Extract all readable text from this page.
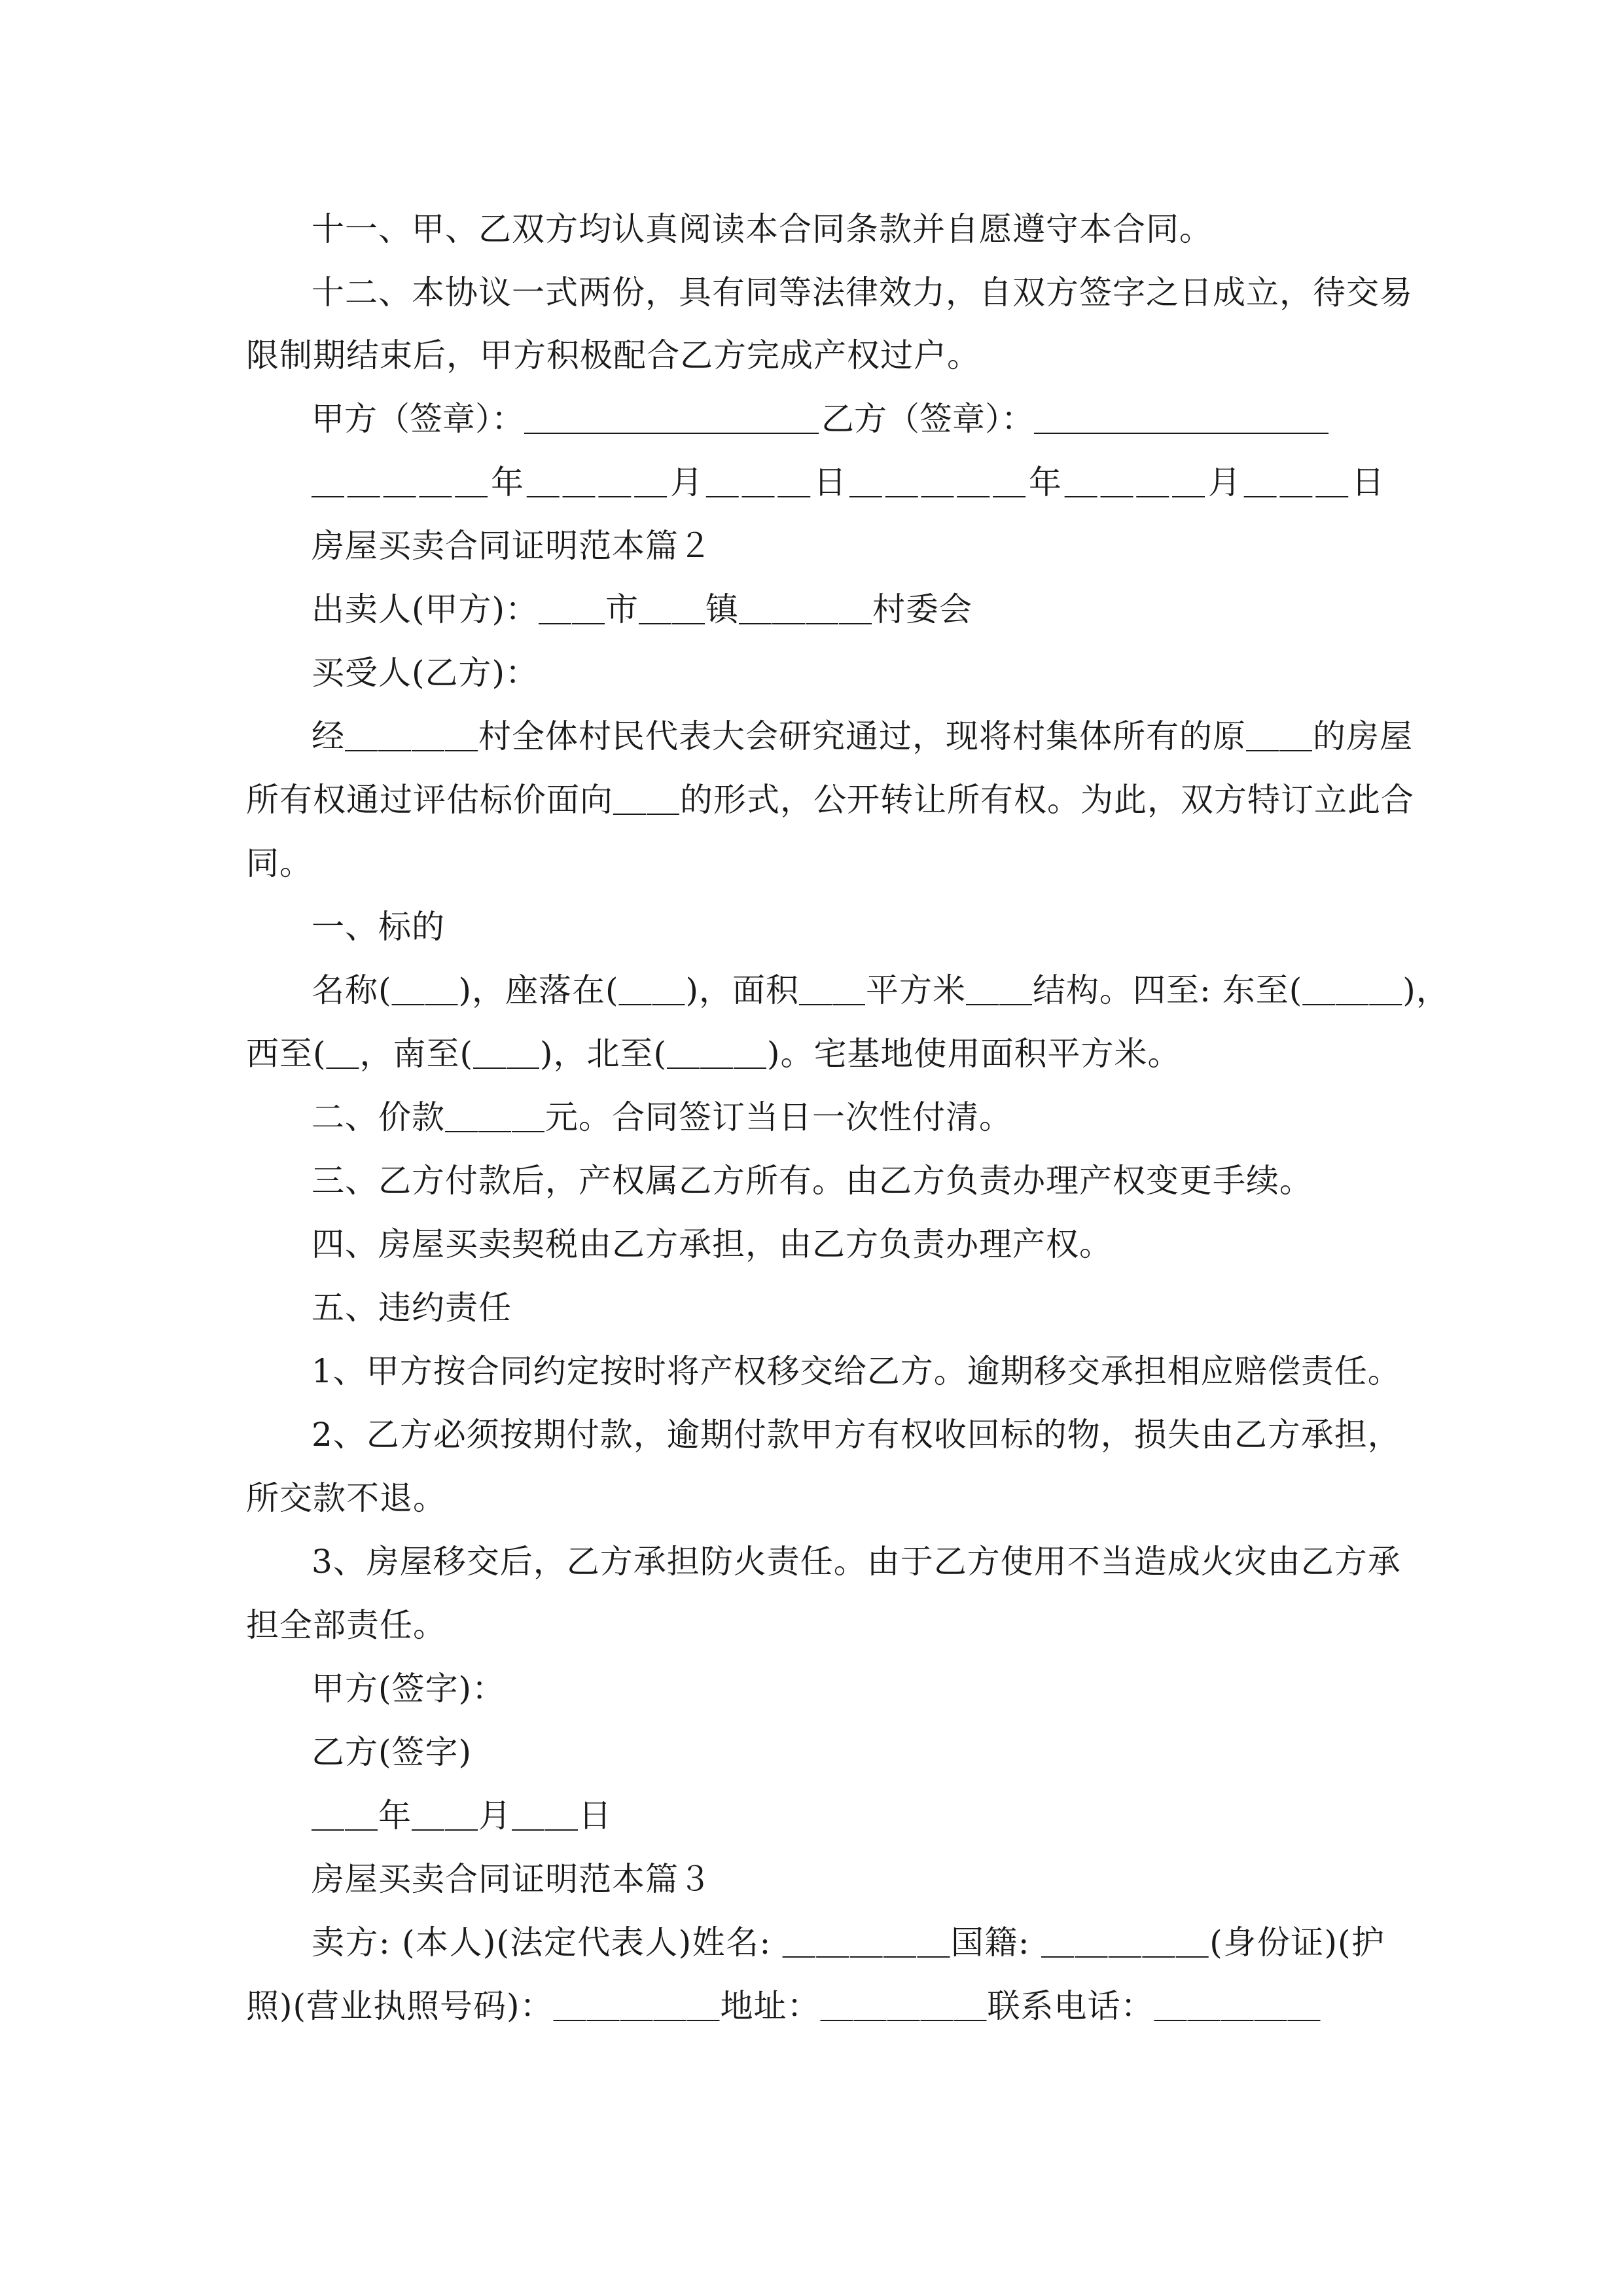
十一、甲、乙双方均认真阅读本合同条款并自愿遵守本合同。
十二、本协议一式两份，具有同等法律效力，自双方签字之日成立，待交易
限制期结束后，甲方积极配合乙方完成产权过户。
甲方（签章）：＿＿＿＿＿＿＿＿＿ 乙方（签章）：＿＿＿＿＿＿＿＿＿
＿＿＿＿＿年＿＿＿＿月＿＿＿日＿＿＿＿＿年＿＿＿＿月＿＿＿日
房屋买卖合同证明范本篇２
出卖人(甲方)：＿＿市＿＿镇＿＿＿＿村委会
买受人(乙方)：
经＿＿＿＿村全体村民代表大会研究通过，现将村集体所有的原＿＿的房屋
所有权通过评估标价面向＿＿的形式，公开转让所有权。为此，双方特订立此合
同。
一、标的
名称(＿＿)，座落在(＿＿)，面积＿＿平方米＿＿结构。四至: 东至(＿＿＿)，
西至(＿，南至(＿＿)，北至(＿＿＿)。宅基地使用面积平方米。
二、价款＿＿＿元。合同签订当日一次性付清。
三、乙方付款后，产权属乙方所有。由乙方负责办理产权变更手续。
四、房屋买卖契税由乙方承担，由乙方负责办理产权。
五、违约责任
1、甲方按合同约定按时将产权移交给乙方。逾期移交承担相应赔偿责任。
2、乙方必须按期付款，逾期付款甲方有权收回标的物，损失由乙方承担，
所交款不退。
3、房屋移交后，乙方承担防火责任。由于乙方使用不当造成火灾由乙方承
担全部责任。
甲方(签字)：
乙方(签字)
＿＿年＿＿月＿＿日
房屋买卖合同证明范本篇３
卖方: (本人)(法定代表人)姓名: ＿＿＿＿＿国籍: ＿＿＿＿＿(身份证)(护
照)(营业执照号码)：＿＿＿＿＿地址：＿＿＿＿＿联系电话：＿＿＿＿＿
